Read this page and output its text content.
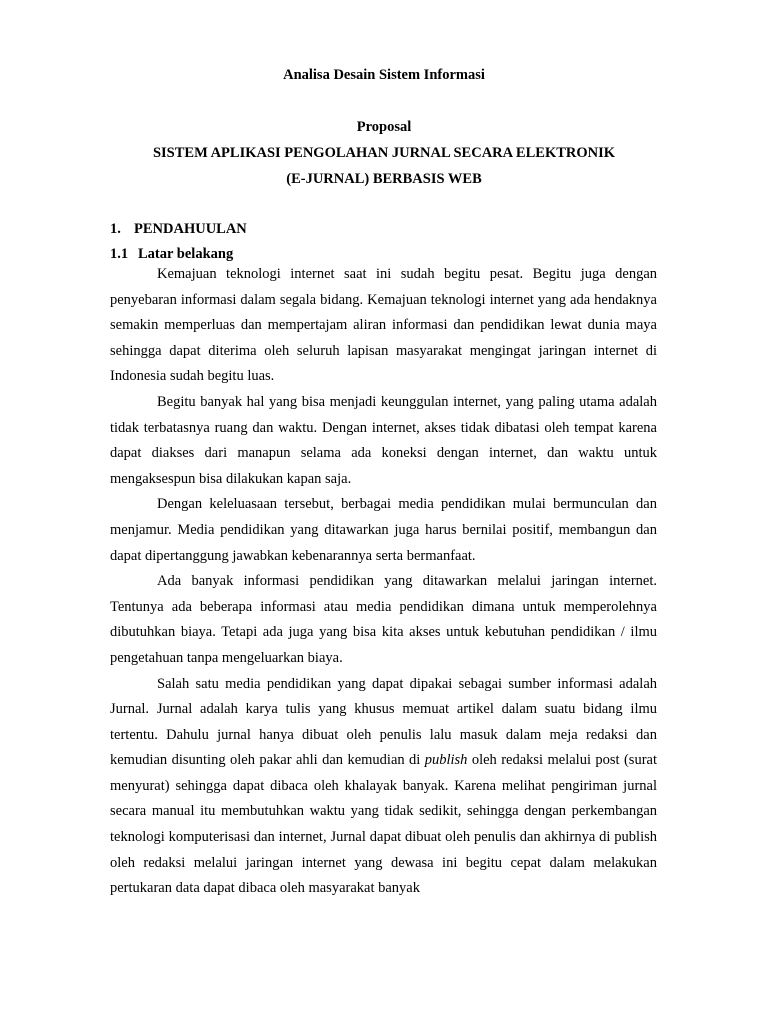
Analisa Desain Sistem Informasi
Proposal
SISTEM APLIKASI PENGOLAHAN JURNAL SECARA ELEKTRONIK
(E-JURNAL) BERBASIS WEB
1. PENDAHUULAN
1.1 Latar belakang

Kemajuan teknologi internet saat ini sudah begitu pesat. Begitu juga dengan penyebaran informasi dalam segala bidang. Kemajuan teknologi internet yang ada hendaknya semakin memperluas dan mempertajam aliran informasi dan pendidikan lewat dunia maya sehingga dapat diterima oleh seluruh lapisan masyarakat mengingat jaringan internet di Indonesia sudah begitu luas.

Begitu banyak hal yang bisa menjadi keunggulan internet, yang paling utama adalah tidak terbatasnya ruang dan waktu. Dengan internet, akses tidak dibatasi oleh tempat karena dapat diakses dari manapun selama ada koneksi dengan internet, dan waktu untuk mengaksespun bisa dilakukan kapan saja.

Dengan keleluasaan tersebut, berbagai media pendidikan mulai bermunculan dan menjamur. Media pendidikan yang ditawarkan juga harus bernilai positif, membangun dan dapat dipertanggung jawabkan kebenarannya serta bermanfaat.

Ada banyak informasi pendidikan yang ditawarkan melalui jaringan internet. Tentunya ada beberapa informasi atau media pendidikan dimana untuk memperolehnya dibutuhkan biaya. Tetapi ada juga yang bisa kita akses untuk kebutuhan pendidikan / ilmu pengetahuan tanpa mengeluarkan biaya.

Salah satu media pendidikan yang dapat dipakai sebagai sumber informasi adalah Jurnal. Jurnal adalah karya tulis yang khusus memuat artikel dalam suatu bidang ilmu tertentu. Dahulu jurnal hanya dibuat oleh penulis lalu masuk dalam meja redaksi dan kemudian disunting oleh pakar ahli dan kemudian di publish oleh redaksi melalui post (surat menyurat) sehingga dapat dibaca oleh khalayak banyak. Karena melihat pengiriman jurnal secara manual itu membutuhkan waktu yang tidak sedikit, sehingga dengan perkembangan teknologi komputerisasi dan internet, Jurnal dapat dibuat oleh penulis dan akhirnya di publish oleh redaksi melalui jaringan internet yang dewasa ini begitu cepat dalam melakukan pertukaran data dapat dibaca oleh masyarakat banyak
